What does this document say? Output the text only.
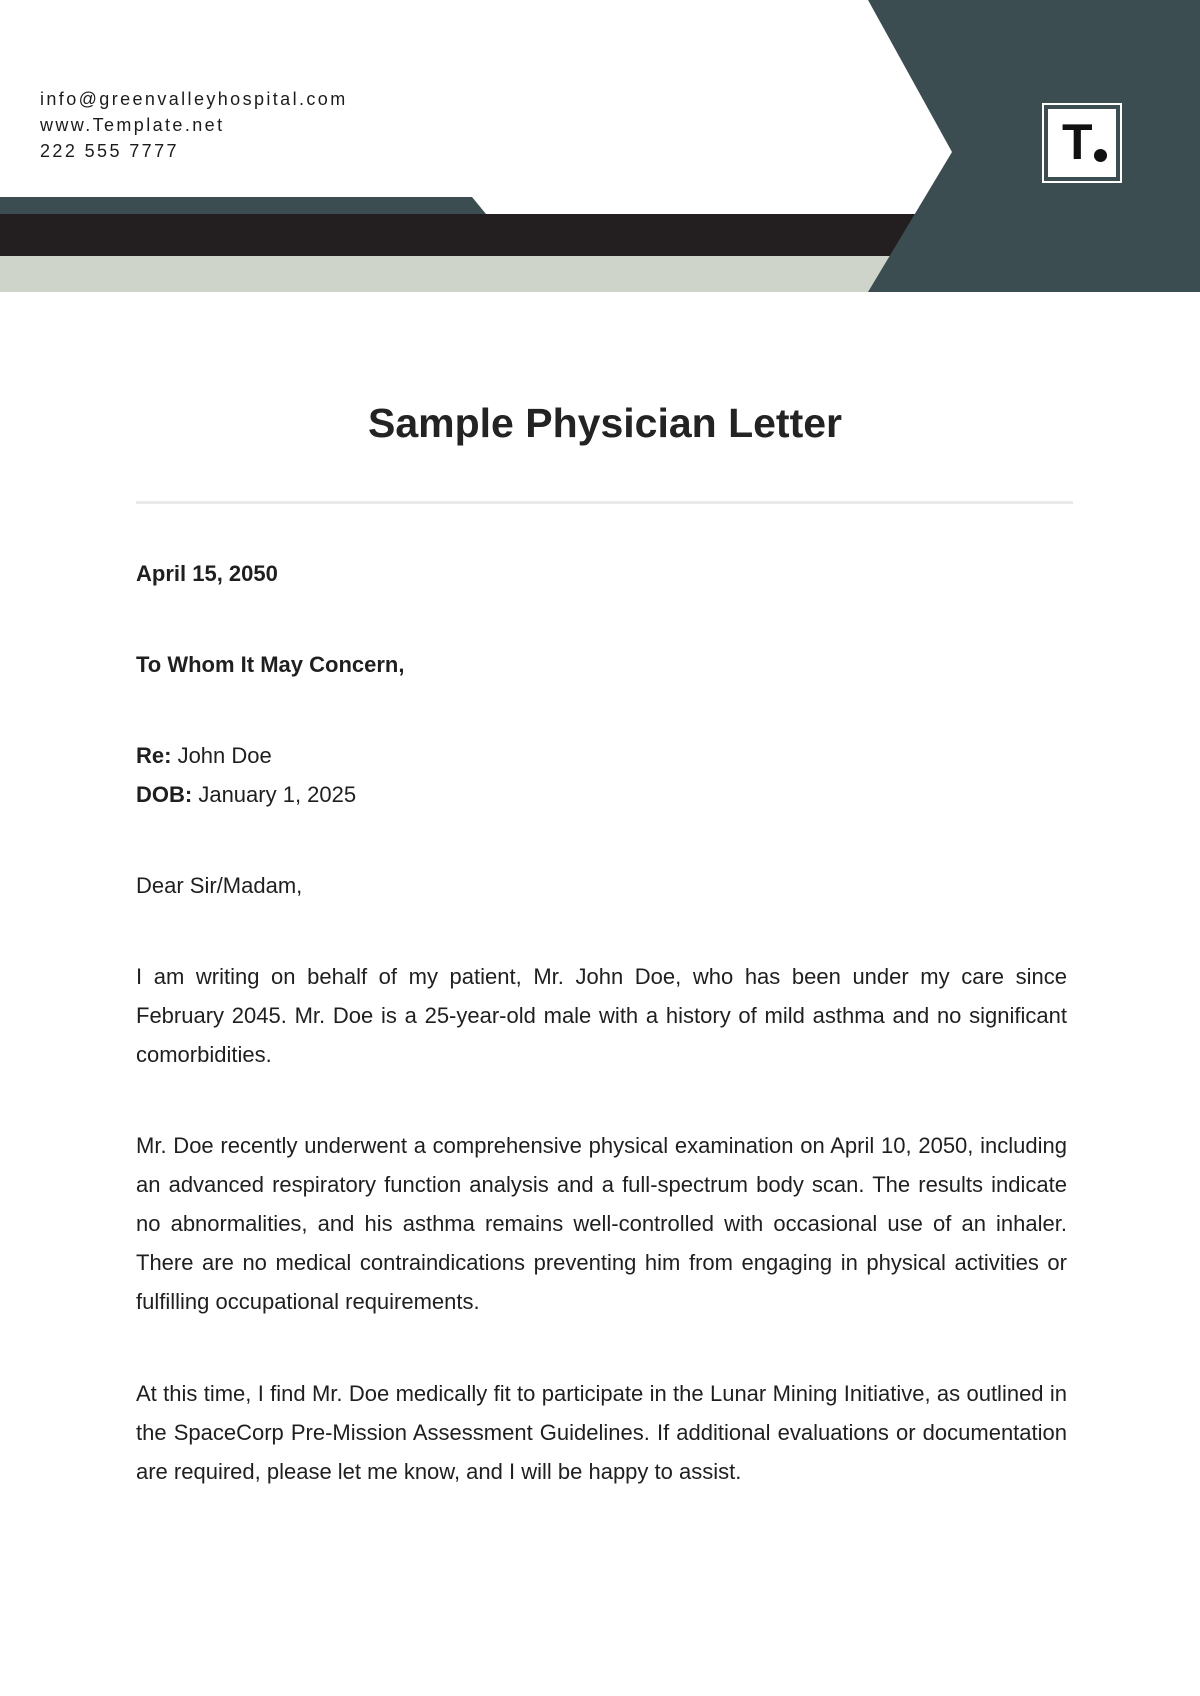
info@greenvalleyhospital.com
www.Template.net
222 555 7777	T
Sample Physician Letter

April 15, 2050

To Whom It May Concern,

Re: John Doe

DOB: January 1, 2025

Dear Sir/Madam,

I am writing on behalf of my patient, Mr. John Doe, who has been under my care since February 2045. Mr. Doe is a 25-year-old male with a history of mild asthma and no significant comorbidities.

Mr. Doe recently underwent a comprehensive physical examination on April 10, 2050, including an advanced respiratory function analysis and a full-spectrum body scan. The results indicate no abnormalities, and his asthma remains well-controlled with occasional use of an inhaler. There are no medical contraindications preventing him from engaging in physical activities or fulfilling occupational requirements.

At this time, I find Mr. Doe medically fit to participate in the Lunar Mining Initiative, as outlined in the SpaceCorp Pre-Mission Assessment Guidelines. If additional evaluations or documentation are required, please let me know, and I will be happy to assist.
